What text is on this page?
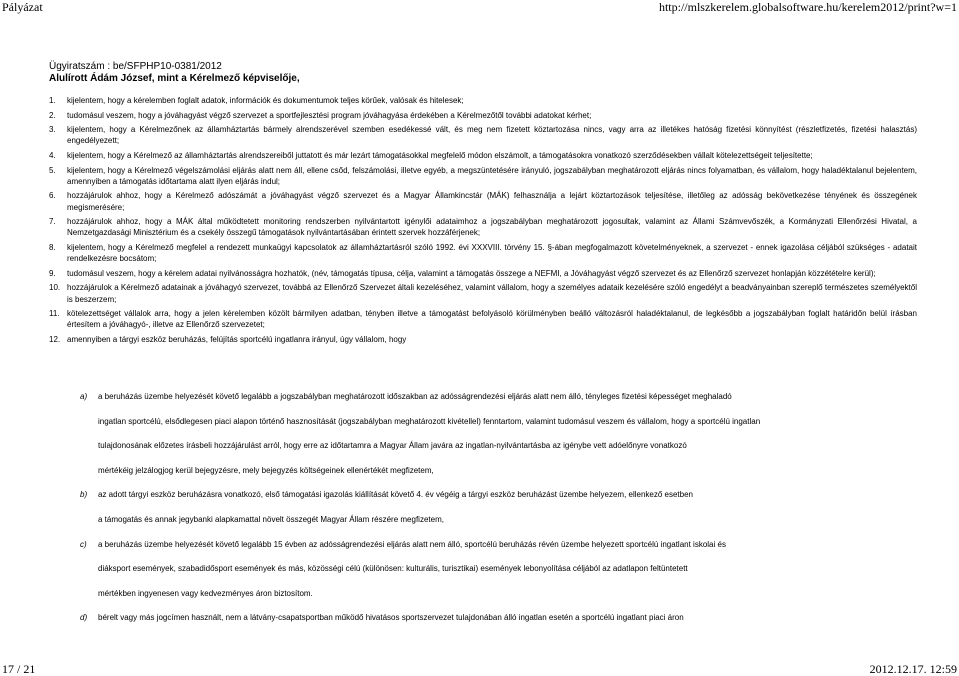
Pályázat	http://mlszkerelem.globalsoftware.hu/kerelem2012/print?w=1
Ügyiratszám : be/SFPHP10-0381/2012
Alulírott Ádám József, mint a Kérelmező képviselője,
1. kijelentem, hogy a kérelemben foglalt adatok, információk és dokumentumok teljes körűek, valósak és hitelesek;
2. tudomásul veszem, hogy a jóváhagyást végző szervezet a sportfejlesztési program jóváhagyása érdekében a Kérelmezőtől további adatokat kérhet;
3. kijelentem, hogy a Kérelmezőnek az államháztartás bármely alrendszerével szemben esedékessé vált, és meg nem fizetett köztartozása nincs, vagy arra az illetékes hatóság fizetési könnyítést (részletfizetés, fizetési halasztás) engedélyezett;
4. kijelentem, hogy a Kérelmező az államháztartás alrendszereiből juttatott és már lezárt támogatásokkal megfelelő módon elszámolt, a támogatásokra vonatkozó szerződésekben vállalt kötelezettségeit teljesítette;
5. kijelentem, hogy a Kérelmező végelszámolási eljárás alatt nem áll, ellene csőd, felszámolási, illetve egyéb, a megszüntetésére irányuló, jogszabályban meghatározott eljárás nincs folyamatban, és vállalom, hogy haladéktalanul bejelentem, amennyiben a támogatás időtartama alatt ilyen eljárás indul;
6. hozzájárulok ahhoz, hogy a Kérelmező adószámát a jóváhagyást végző szervezet és a Magyar Államkincstár (MÁK) felhasználja a lejárt köztartozások teljesítése, illetőleg az adósság bekövetkezése tényének és összegének megismerésére;
7. hozzájárulok ahhoz, hogy a MÁK által működtetett monitoring rendszerben nyilvántartott igénylői adataimhoz a jogszabályban meghatározott jogosultak, valamint az Állami Számvevőszék, a Kormányzati Ellenőrzési Hivatal, a Nemzetgazdasági Minisztérium és a csekély összegű támogatások nyilvántartásában érintett szervek hozzáférjenek;
8. kijelentem, hogy a Kérelmező megfelel a rendezett munkaügyi kapcsolatok az államháztartásról szóló 1992. évi XXXVIII. törvény 15. §-ában megfogalmazott követelményeknek, a szervezet - ennek igazolása céljából szükséges - adatait rendelkezésre bocsátom;
9. tudomásul veszem, hogy a kérelem adatai nyilvánosságra hozhatók, (név, támogatás típusa, célja, valamint a támogatás összege a NEFMI, a Jóváhagyást végző szervezet és az Ellenőrző szervezet honlapján közzétételre kerül);
10. hozzájárulok a Kérelmező adatainak a jóváhagyó szervezet, továbbá az Ellenőrző Szervezet általi kezeléséhez, valamint vállalom, hogy a személyes adataik kezelésére szóló engedélyt a beadványainban szereplő természetes személyektől is beszerzem;
11. kötelezettséget vállalok arra, hogy a jelen kérelemben közölt bármilyen adatban, tényben illetve a támogatást befolyásoló körülményben beálló változásról haladéktalanul, de legkésőbb a jogszabályban foglalt határidőn belül írásban értesítem a jóváhagyó-, illetve az Ellenőrző szervezetet;
12. amennyiben a tárgyi eszköz beruházás, felújítás sportcélú ingatlanra irányul, úgy vállalom, hogy
a) a beruházás üzembe helyezését követő legalább a jogszabályban meghatározott időszakban az adósságrendezési eljárás alatt nem álló, tényleges fizetési képességet meghaladó
ingatlan sportcélú, elsődlegesen piaci alapon történő hasznosítását (jogszabályban meghatározott kivétellel) fenntartom, valamint tudomásul veszem és vállalom, hogy a sportcélú ingatlan
tulajdonosának előzetes írásbeli hozzájárulást arról, hogy erre az időtartamra a Magyar Állam javára az ingatlan-nyilvántartásba az igénybe vett adóelőnyre vonatkozó
mértékéig jelzálogjog kerül bejegyzésre, mely bejegyzés költségeinek ellenértékét megfizetem,
b) az adott tárgyi eszköz beruházásra vonatkozó, első támogatási igazolás kiállítását követő 4. év végéig a tárgyi eszköz beruházást üzembe helyezem, ellenkező esetben
a támogatás és annak jegybanki alapkamattal növelt összegét Magyar Állam részére megfizetem,
c) a beruházás üzembe helyezését követő legalább 15 évben az adósságrendezési eljárás alatt nem álló, sportcélú beruházás révén üzembe helyezett sportcélú ingatlant iskolai és
diáksport események, szabadidősport események és más, közösségi célú (különösen: kulturális, turisztikai) események lebonyolítása céljából az adatlapon feltüntetett
mértékben ingyenesen vagy kedvezményes áron biztosítom.
d) bérelt vagy más jogcímen használt, nem a látvány-csapatsportban működő hivatásos sportszervezet tulajdonában álló ingatlan esetén a sportcélú ingatlant piaci áron
17 / 21	2012.12.17. 12:59
